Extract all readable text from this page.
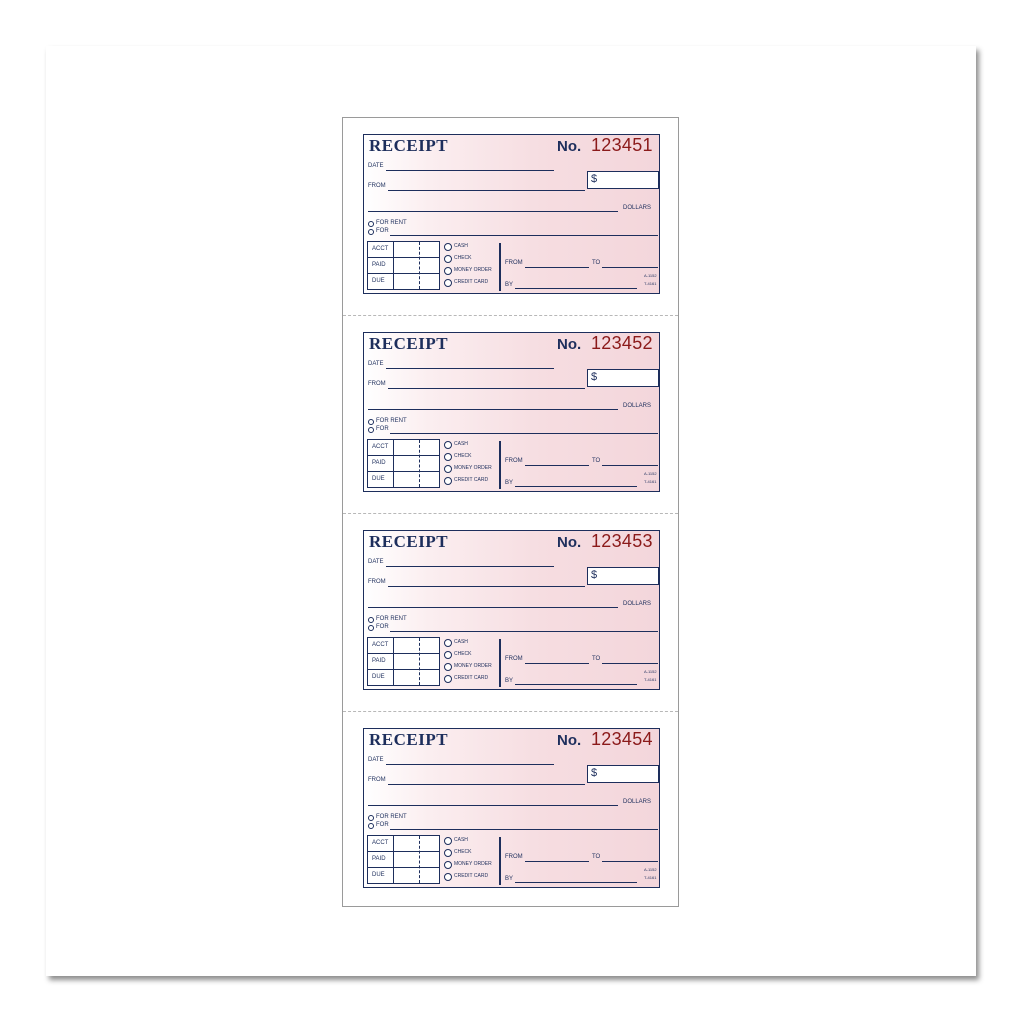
RECEIPT	No. 123451
DATE
FROM
$
DOLLARS
FOR RENT
FOR
ACCT
PAID
DUE
CASH
CHECK
MONEY ORDER
CREDIT CARD
FROM	TO
BY
A-1152
T-4161
RECEIPT	No. 123452
DATE
FROM
$
DOLLARS
FOR RENT
FOR
ACCT
PAID
DUE
CASH
CHECK
MONEY ORDER
CREDIT CARD
FROM	TO
BY
A-1152
T-4161
RECEIPT	No. 123453
DATE
FROM
$
DOLLARS
FOR RENT
FOR
ACCT
PAID
DUE
CASH
CHECK
MONEY ORDER
CREDIT CARD
FROM	TO
BY
A-1152
T-4161
RECEIPT	No. 123454
DATE
FROM
$
DOLLARS
FOR RENT
FOR
ACCT
PAID
DUE
CASH
CHECK
MONEY ORDER
CREDIT CARD
FROM	TO
BY
A-1152
T-4161
